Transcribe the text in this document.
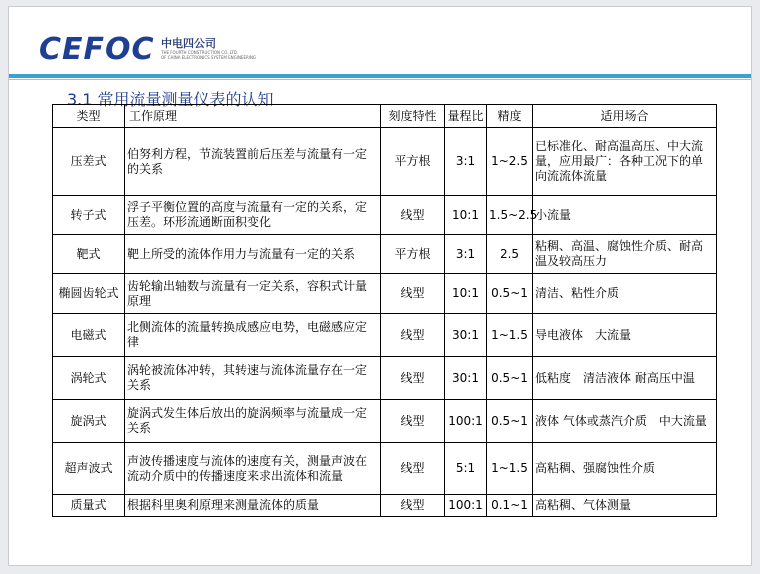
CEFOC 中电四公司
THE FOURTH CONSTRUCTION CO.,LTD.
OF CHINA ELECTRONICS SYSTEM ENGINEERING
3.1 常用流量测量仪表的认知
类型	工作原理	刻度特性	量程比	精度	适用场合
压差式	伯努利方程，节流装置前后压差与流量有一定的关系	平方根	3:1	1~2.5	已标准化、耐高温高压、中大流量，应用最广：各种工况下的单向流流体流量
转子式	浮子平衡位置的高度与流量有一定的关系，定压差。环形流通断面积变化	线型	10:1	1.5~2.5	小流量
靶式	靶上所受的流体作用力与流量有一定的关系	平方根	3:1	2.5	粘稠、高温、腐蚀性介质、耐高温及较高压力
椭圆齿轮式	齿轮输出轴数与流量有一定关系，容积式计量原理	线型	10:1	0.5~1	清洁、粘性介质
电磁式	北侧流体的流量转换成感应电势，电磁感应定律	线型	30:1	1~1.5	导电液体　大流量
涡轮式	涡轮被流体冲转，其转速与流体流量存在一定关系	线型	30:1	0.5~1	低粘度　清洁液体 耐高压中温
旋涡式	旋涡式发生体后放出的旋涡频率与流量成一定关系	线型	100:1	0.5~1	液体 气体或蒸汽介质　中大流量
超声波式	声波传播速度与流体的速度有关，测量声波在流动介质中的传播速度来求出流体和流量	线型	5:1	1~1.5	高粘稠、强腐蚀性介质
质量式	根据科里奥利原理来测量流体的质量	线型	100:1	0.1~1	高粘稠、气体测量
